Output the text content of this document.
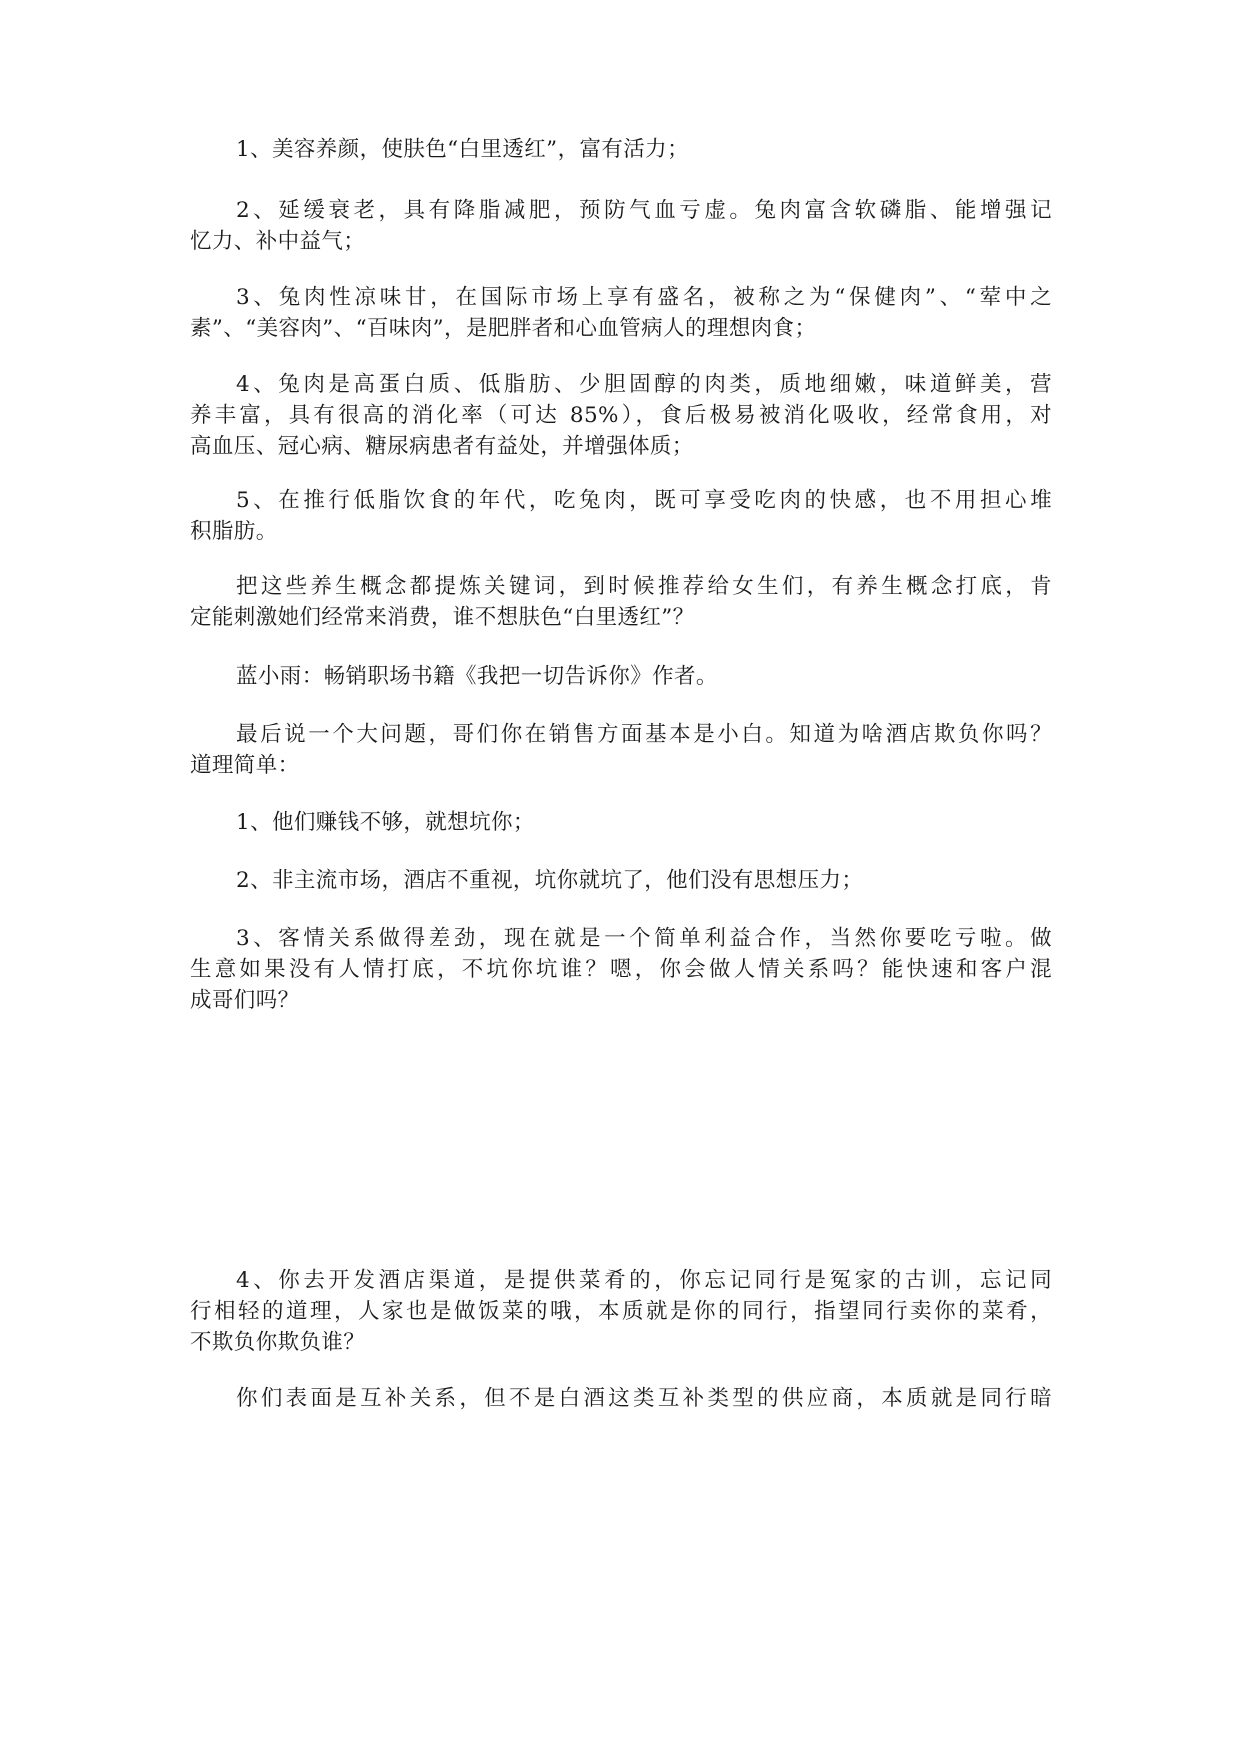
1、美容养颜，使肤色“白里透红”，富有活力；
2、延缓衰老，具有降脂减肥，预防气血亏虚。兔肉富含软磷脂、能增强记
忆力、补中益气；
3、兔肉性凉味甘，在国际市场上享有盛名，被称之为“保健肉”、“荤中之
素”、“美容肉”、“百味肉”，是肥胖者和心血管病人的理想肉食；
4、兔肉是高蛋白质、低脂肪、少胆固醇的肉类，质地细嫩，味道鲜美，营
养丰富，具有很高的消化率（可达 85%），食后极易被消化吸收，经常食用，对
高血压、冠心病、糖尿病患者有益处，并增强体质；
5、在推行低脂饮食的年代，吃兔肉，既可享受吃肉的快感，也不用担心堆
积脂肪。
把这些养生概念都提炼关键词，到时候推荐给女生们，有养生概念打底，肯
定能刺激她们经常来消费，谁不想肤色“白里透红”？
蓝小雨：畅销职场书籍《我把一切告诉你》作者。
最后说一个大问题，哥们你在销售方面基本是小白。知道为啥酒店欺负你吗？
道理简单：
1、他们赚钱不够，就想坑你；
2、非主流市场，酒店不重视，坑你就坑了，他们没有思想压力；
3、客情关系做得差劲，现在就是一个简单利益合作，当然你要吃亏啦。做
生意如果没有人情打底，不坑你坑谁？嗯，你会做人情关系吗？能快速和客户混
成哥们吗？
4、你去开发酒店渠道，是提供菜肴的，你忘记同行是冤家的古训，忘记同
行相轻的道理，人家也是做饭菜的哦，本质就是你的同行，指望同行卖你的菜肴，
不欺负你欺负谁？
你们表面是互补关系，但不是白酒这类互补类型的供应商，本质就是同行暗
